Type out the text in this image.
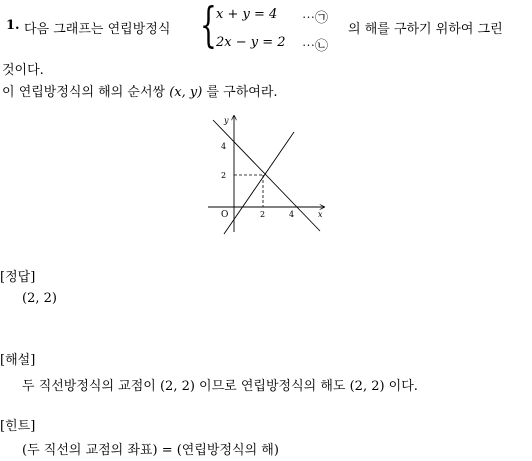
1. 다음 그래프는 연립방정식 { x + y = 4 ⋯㉠
2x − y = 2 ⋯㉡
의 해를 구하기 위하여 그린
것이다.
이 연립방정식의 해의 순서쌍 (x, y) 를 구하여라.
y
x
O
4
2
2	4
[정답]
(2, 2)
[해설]
두 직선방정식의 교점이 (2, 2) 이므로 연립방정식의 해도 (2, 2) 이다.
[힌트]
(두 직선의 교점의 좌표) = (연립방정식의 해)
